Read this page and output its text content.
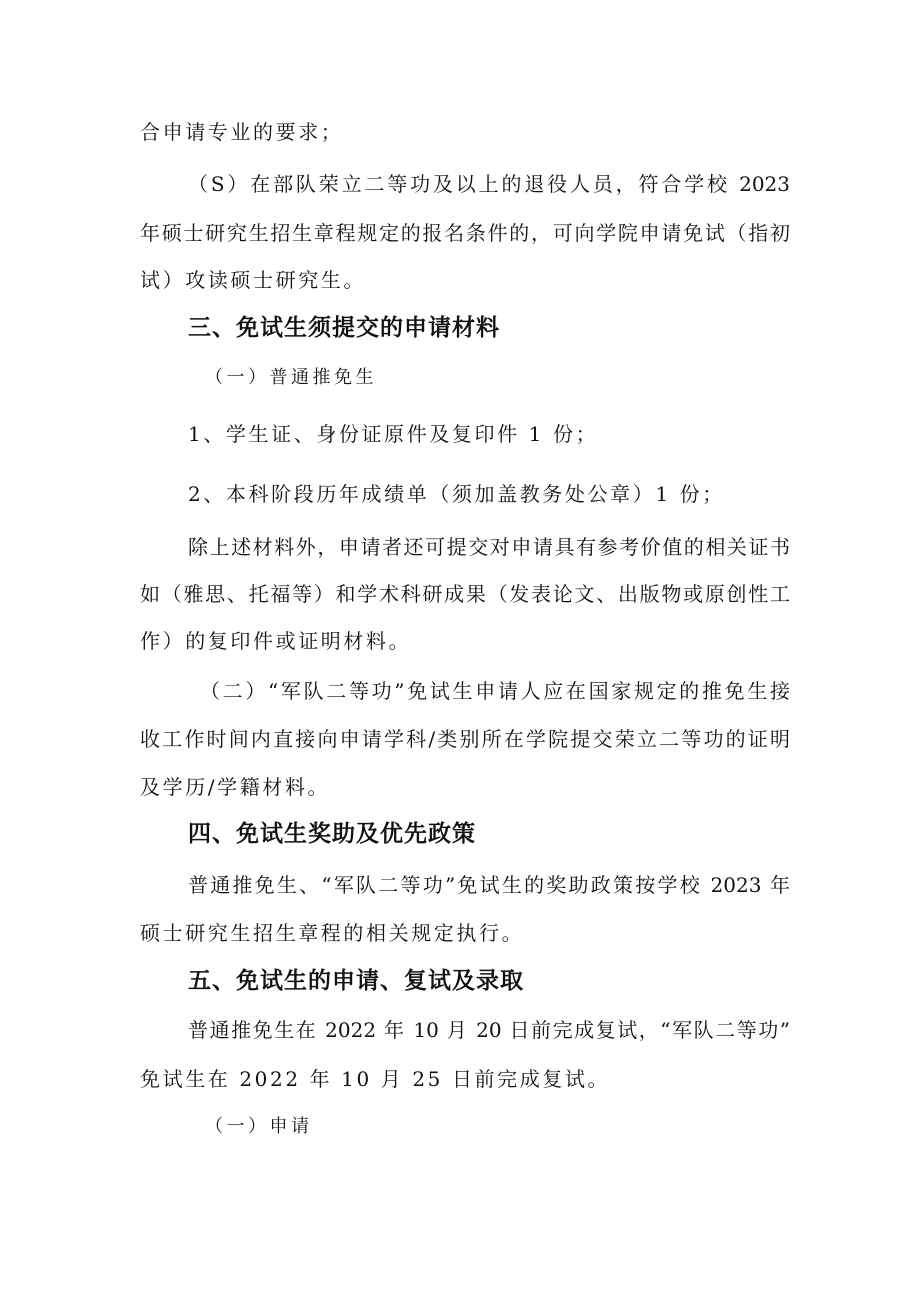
合申请专业的要求；
（S）在部队荣立二等功及以上的退役人员，符合学校 2023
年硕士研究生招生章程规定的报名条件的，可向学院申请免试（指初
试）攻读硕士研究生。
三、免试生须提交的申请材料
（一）普通推免生
1、学生证、身份证原件及复印件 1 份；
2、本科阶段历年成绩单（须加盖教务处公章）1 份；
除上述材料外，申请者还可提交对申请具有参考价值的相关证书
如（雅思、托福等）和学术科研成果（发表论文、出版物或原创性工
作）的复印件或证明材料。
（二）“军队二等功”免试生申请人应在国家规定的推免生接
收工作时间内直接向申请学科/类别所在学院提交荣立二等功的证明
及学历/学籍材料。
四、免试生奖助及优先政策
普通推免生、“军队二等功”免试生的奖助政策按学校 2023 年
硕士研究生招生章程的相关规定执行。
五、免试生的申请、复试及录取
普通推免生在 2022 年 10 月 20 日前完成复试，“军队二等功”
免试生在 2022 年 10 月 25 日前完成复试。
（一）申请
